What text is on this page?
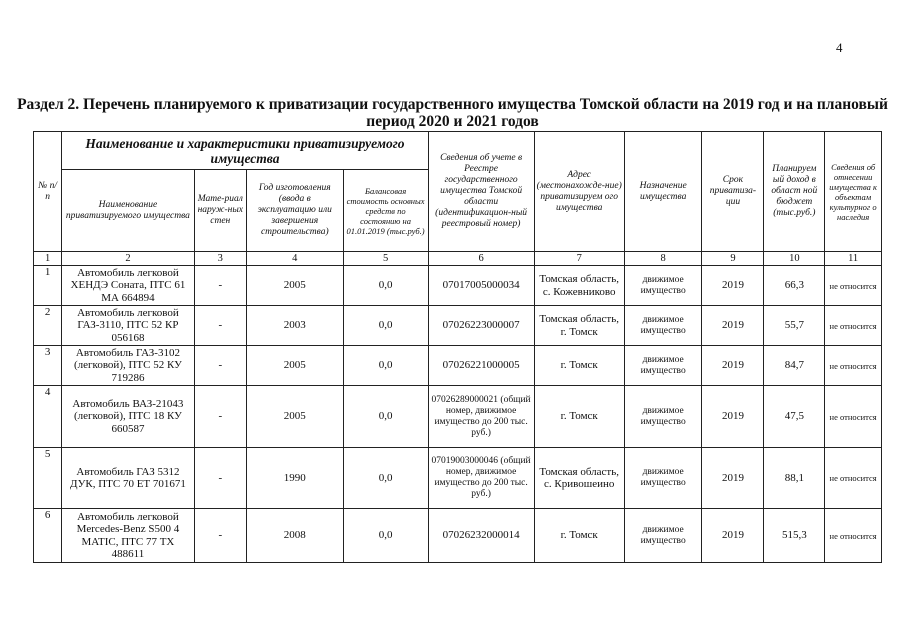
4
Раздел 2. Перечень планируемого к приватизации государственного имущества Томской области на 2019 год и на плановый период 2020 и 2021 годов
№ п/п	Наименование и характеристики приватизируемого имущества				Сведения об учете в Реестре государственного имущества Томской области (идентификацион-ный реестровый номер)	Адрес (местонахожде-ние) приватизируем ого имущества	Назначение имущества	Срок приватиза-ции	Планируем ый доход в област ной бюджет (тыс.руб.)	Сведения об отнесении имущества к объектам культурног о наследия
	Наименование приватизируемого имущества	Мате-риал наруж-ных стен	Год изготовления (ввода в эксплуатацию или завершения строительства)	Балансовая стоимость основных средств по состоянию на 01.01.2019 (тыс.руб.)						
1	2	3	4	5	6	7	8	9	10	11
1	Автомобиль легковой ХЕНДЭ Соната, ПТС 61 МА 664894	-	2005	0,0	07017005000034	Томская область, с. Кожевниково	движимое имущество	2019	66,3	не относится
2	Автомобиль легковой ГАЗ-3110, ПТС 52 КР 056168	-	2003	0,0	07026223000007	Томская область, г. Томск	движимое имущество	2019	55,7	не относится
3	Автомобиль ГАЗ-3102 (легковой), ПТС 52 КУ 719286	-	2005	0,0	07026221000005	г. Томск	движимое имущество	2019	84,7	не относится
4	Автомобиль ВАЗ-21043 (легковой), ПТС 18 КУ 660587	-	2005	0,0	07026289000021 (общий номер, движимое имущество до 200 тыс. руб.)	г. Томск	движимое имущество	2019	47,5	не относится
5	Автомобиль ГАЗ 5312 ДУК, ПТС 70 ЕТ 701671	-	1990	0,0	07019003000046 (общий номер, движимое имущество до 200 тыс. руб.)	Томская область, с. Кривошеино	движимое имущество	2019	88,1	не относится
6	Автомобиль легковой Mercedes-Benz S500 4 MATIC, ПТС 77 ТХ 488611	-	2008	0,0	07026232000014	г. Томск	движимое имущество	2019	515,3	не относится
